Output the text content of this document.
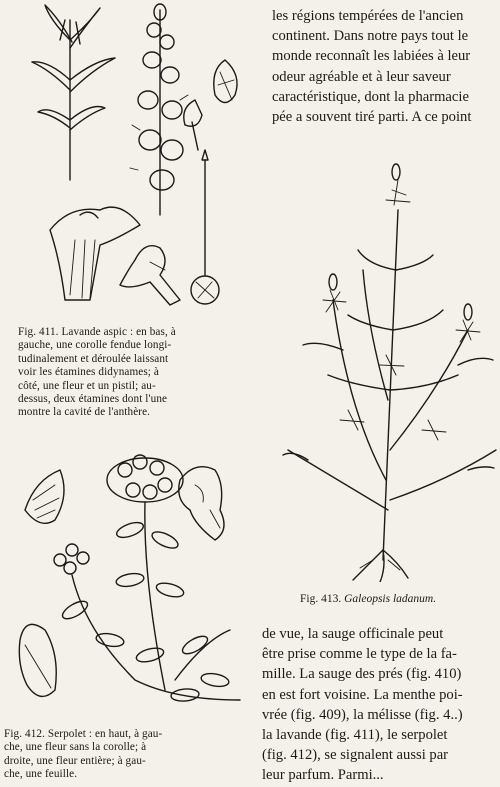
Fig. 411. Lavande aspic : en bas, à

gauche, une corolle fendue longi-

tudinalement et déroulée laissant

voir les étamines didynames; à

côté, une fleur et un pistil; au-

dessus, deux étamines dont l'une

montre la cavité de l'anthère.

Fig. 412. Serpolet : en haut, à gau-

che, une fleur sans la corolle; à

droite, une fleur entière; à gau-

che, une feuille.

les régions tempérées de l'ancien

continent. Dans notre pays tout le

monde reconnaît les labiées à leur

odeur agréable et à leur saveur

caractéristique, dont la pharmacie

pée a souvent tiré parti. A ce point

Fig. 413. Galeopsis ladanum.

de vue, la sauge officinale peut

être prise comme le type de la fa-

mille. La sauge des prés (fig. 410)

en est fort voisine. La menthe poi-

vrée (fig. 409), la mélisse (fig. 4..)

la lavande (fig. 411), le serpolet

(fig. 412), se signalent aussi par

leur parfum. Parmi...
